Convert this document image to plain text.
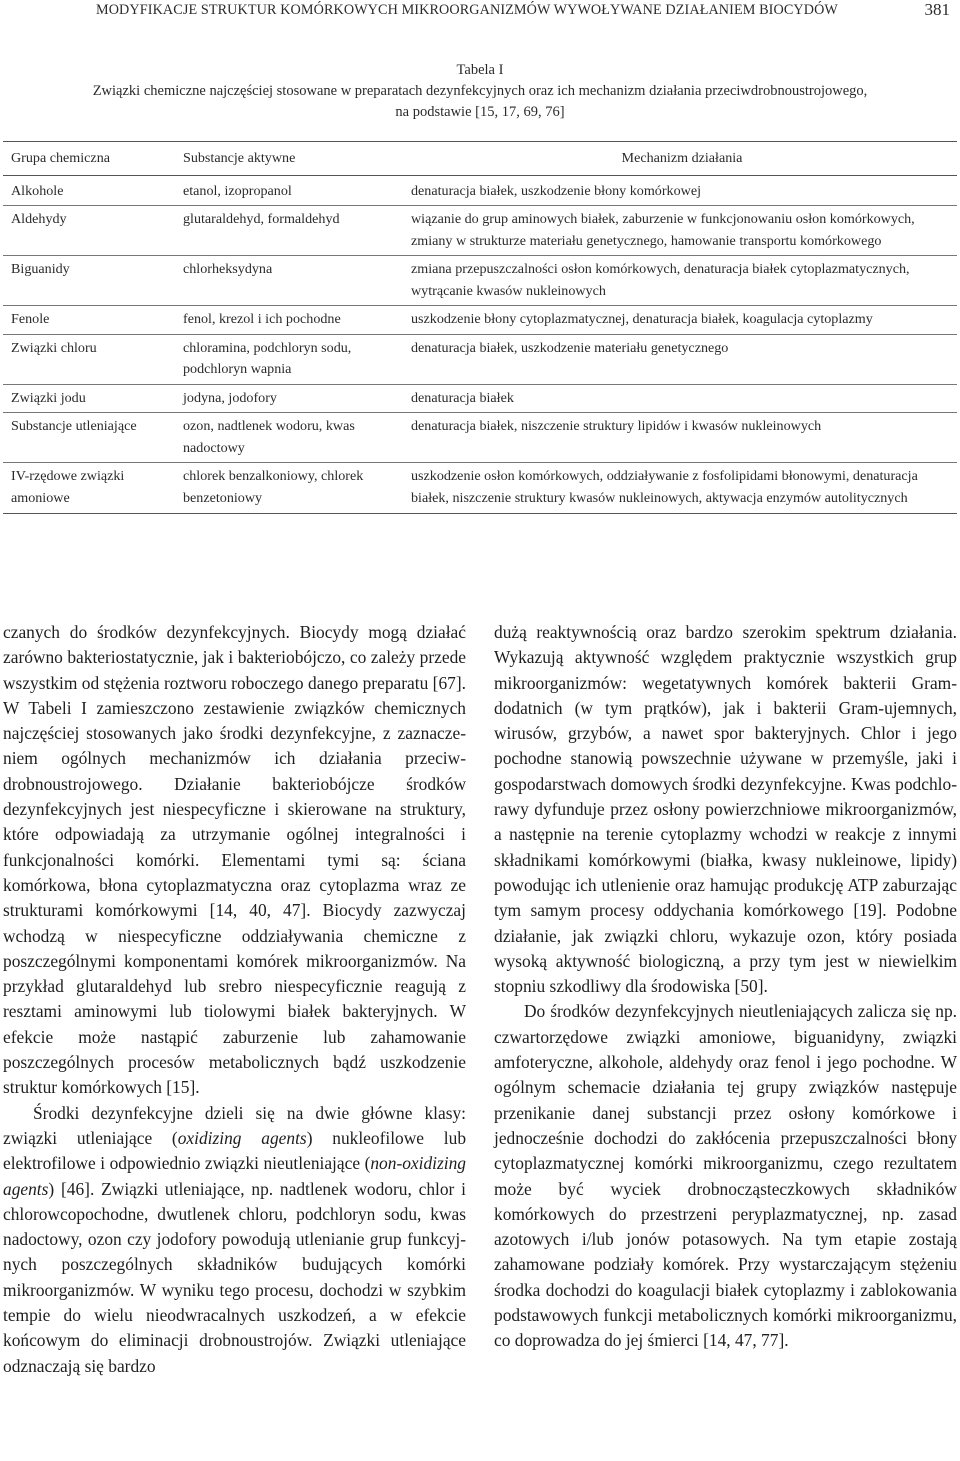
MODYFIKACJE STRUKTUR KOMÓRKOWYCH MIKROORGANIZMÓW WYWOŁYWANE DZIAŁANIEM BIOCYDÓW	381
Tabela I
Związki chemiczne najczęściej stosowane w preparatach dezynfekcyjnych oraz ich mechanizm działania przeciwdrobnoustrojowego,
na podstawie [15, 17, 69, 76]
Grupa chemiczna	Substancje aktywne	Mechanizm działania
Alkohole	etanol, izopropanol	denaturacja białek, uszkodzenie błony komórkowej
Aldehydy	glutaraldehyd, formaldehyd	wiązanie do grup aminowych białek, zaburzenie w funkcjonowaniu osłon komórkowych, zmiany w strukturze materiału genetycznego, hamowanie transportu komórkowego
Biguanidy	chlorheksydyna	zmiana przepuszczalności osłon komórkowych, denaturacja białek cytoplazmatycznych, wytrącanie kwasów nukleinowych
Fenole	fenol, krezol i ich pochodne	uszkodzenie błony cytoplazmatycznej, denaturacja białek, koagulacja cytoplazmy
Związki chloru	chloramina, podchloryn sodu, podchloryn wapnia	denaturacja białek, uszkodzenie materiału genetycznego
Związki jodu	jodyna, jodofory	denaturacja białek
Substancje utleniające	ozon, nadtlenek wodoru, kwas nadoctowy	denaturacja białek, niszczenie struktury lipidów i kwasów nukleinowych
IV-rzędowe związki amoniowe	chlorek benzalkoniowy, chlorek benzetoniowy	uszkodzenie osłon komórkowych, oddziaływanie z fosfolipidami błonowymi, denaturacja białek, niszczenie struktury kwasów nukleinowych, aktywacja enzymów autolitycznych

czanych do środków dezynfekcyjnych. Biocydy mogą działać zarówno bakteriostatycznie, jak i bakteriobójczo, co zależy przede wszystkim od stężenia roztworu roboczego danego preparatu [67]. W Tabeli I zamieszczono zestawienie związków chemicznych najczęściej stosowanych jako środki dezynfekcyjne, z zaznaczeniem ogólnych mechanizmów ich działania przeciwdrobnoustrojowego. Działanie bakteriobójcze środków dezynfekcyjnych jest niespecyficzne i skierowane na struktury, które odpowiadają za utrzymanie ogólnej integralności i funkcjonalności komórki. Elementami tymi są: ściana komórkowa, błona cytoplazmatyczna oraz cytoplazma wraz ze strukturami komórkowymi [14, 40, 47]. Biocydy zazwyczaj wchodzą w niespecyficzne oddziaływania chemiczne z poszczególnymi komponentami komórek mikroorganizmów. Na przykład glutaraldehyd lub srebro niespecyficznie reagują z resztami aminowymi lub tiolowymi białek bakteryjnych. W efekcie może nastąpić zaburzenie lub zahamowanie poszczególnych procesów metabolicznych bądź uszkodzenie struktur komórkowych [15].

Środki dezynfekcyjne dzieli się na dwie główne klasy: związki utleniające (oxidizing agents) nukleofilowe lub elektrofilowe i odpowiednio związki nieutleniające (non-oxidizing agents) [46]. Związki utleniające, np. nadtlenek wodoru, chlor i chlorowcopochodne, dwutlenek chloru, podchloryn sodu, kwas nadoctowy, ozon czy jodofory powodują utlenianie grup funkcyjnych poszczególnych składników budujących komórki mikroorganizmów. W wyniku tego procesu, dochodzi w szybkim tempie do wielu nieodwracalnych uszkodzeń, a w efekcie końcowym do eliminacji drobnoustrojów. Związki utleniające odznaczają się bardzo

dużą reaktywnością oraz bardzo szerokim spektrum działania. Wykazują aktywność względem praktycznie wszystkich grup mikroorganizmów: wegetatywnych komórek bakterii Gram-dodatnich (w tym prątków), jak i bakterii Gram-ujemnych, wirusów, grzybów, a nawet spor bakteryjnych. Chlor i jego pochodne stanowią powszechnie używane w przemyśle, jaki i gospodarstwach domowych środki dezynfekcyjne. Kwas podchlorawy dyfunduje przez osłony powierzchniowe mikroorganizmów, a następnie na terenie cytoplazmy wchodzi w reakcje z innymi składnikami komórkowymi (białka, kwasy nukleinowe, lipidy) powodując ich utlenienie oraz hamując produkcję ATP zaburzając tym samym procesy oddychania komórkowego [19]. Podobne działanie, jak związki chloru, wykazuje ozon, który posiada wysoką aktywność biologiczną, a przy tym jest w niewielkim stopniu szkodliwy dla środowiska [50].

Do środków dezynfekcyjnych nieutleniających zalicza się np. czwartorzędowe związki amoniowe, biguanidyny, związki amfoteryczne, alkohole, aldehydy oraz fenol i jego pochodne. W ogólnym schemacie działania tej grupy związków następuje przenikanie danej substancji przez osłony komórkowe i jednocześnie dochodzi do zakłócenia przepuszczalności błony cytoplazmatycznej komórki mikroorganizmu, czego rezultatem może być wyciek drobnocząsteczkowych składników komórkowych do przestrzeni peryplazmatycznej, np. zasad azotowych i/lub jonów potasowych. Na tym etapie zostają zahamowane podziały komórek. Przy wystarczającym stężeniu środka dochodzi do koagulacji białek cytoplazmy i zablokowania podstawowych funkcji metabolicznych komórki mikroorganizmu, co doprowadza do jej śmierci [14, 47, 77].
